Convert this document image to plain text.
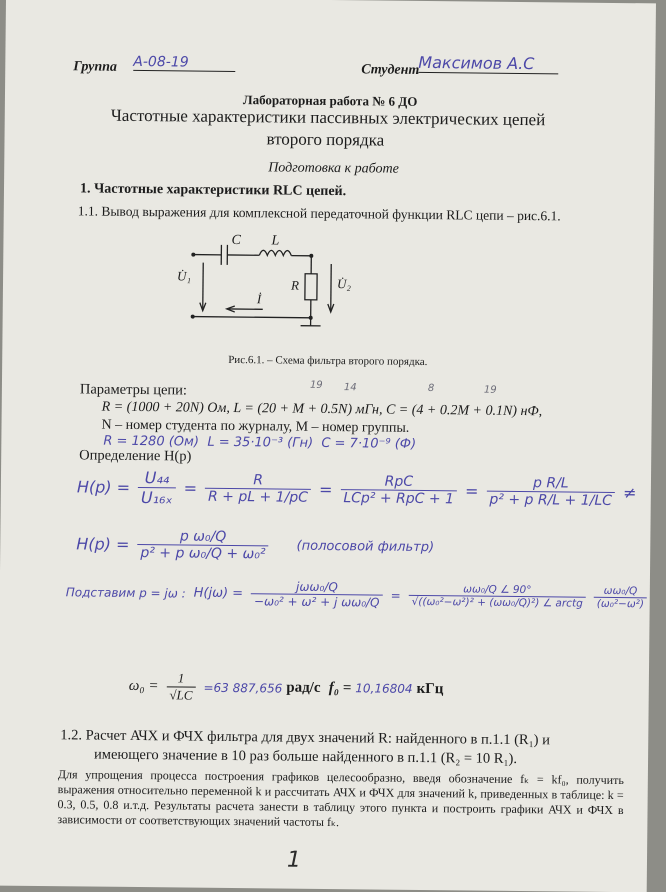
Группа А-08-19	Студент
Максимов А.С
Лабораторная работа № 6 ДО
Частотные характеристики пассивных электрических цепей
второго порядка
Подготовка к работе
1. Частотные характеристики RLC цепей.
1.1. Вывод выражения для комплексной передаточной функции RLC цепи – рис.6.1.
C L
R
U̇₁
U̇₂
İ
Рис.6.1. – Схема фильтра второго порядка.
Параметры цепи:
R = (1000 + 20N) Ом, L = (20 + M + 0.5N) мГн, C = (4 + 0.2M + 0.1N) нФ,
N – номер студента по журналу, M – номер группы.
19 14	8	19
R = 1280 (Ом) L = 35·10⁻³ (Гн) C = 7·10⁻⁹ (Ф)
Определение H(p)
$H(p) = \frac{\text{U₄₄}}{\text{U₁₆ₓ}} = \frac{R}{R + pL + 1/pC} = \frac{\text{RpC}}{\text{LCp² + RpC + 1}} = \frac{\text{p R/L}}{\text{p² + p R/L + 1/LC}}$ ≠
$H(p) = \frac{\text{p ω₀/Q}}{\text{p² + p ω₀/Q + ω₀²}}$ (полосовой фильтр)
Подставим p = jω : $H(j\omega) = \frac{\text{jωω₀/Q}}{\text{−ω₀² + ω² + j ωω₀/Q}} = \frac{\text{ωω₀/Q ∠ 90°}}{\text{√((ω₀²−ω²)² + (ωω₀/Q)²) ∠ arctg}} \frac{\text{ωω₀/Q}}{\text{(ω₀²−ω²)}}$
$\omega_0 = \frac{1}{√LC} =63$ 887,656 рад/с f₀ = 10,16804 кГц
1.2. Расчет АЧХ и ФЧХ фильтра для двух значений R: найденного в п.1.1 (R₁) и
имеющего значение в 10 раз больше найденного в п.1.1 (R₂ = 10 R₁).
Для упрощения процесса построения графиков целесообразно, введя обозначение fₖ = kf₀, получить выражения относительно переменной k и рассчитать АЧХ и ФЧХ для значений k, приведенных в таблице: k = 0.3, 0.5, 0.8 и.т.д. Результаты расчета занести в таблицу этого пункта и построить графики АЧХ и ФЧХ в зависимости от соответствующих значений частоты fₖ.
1
